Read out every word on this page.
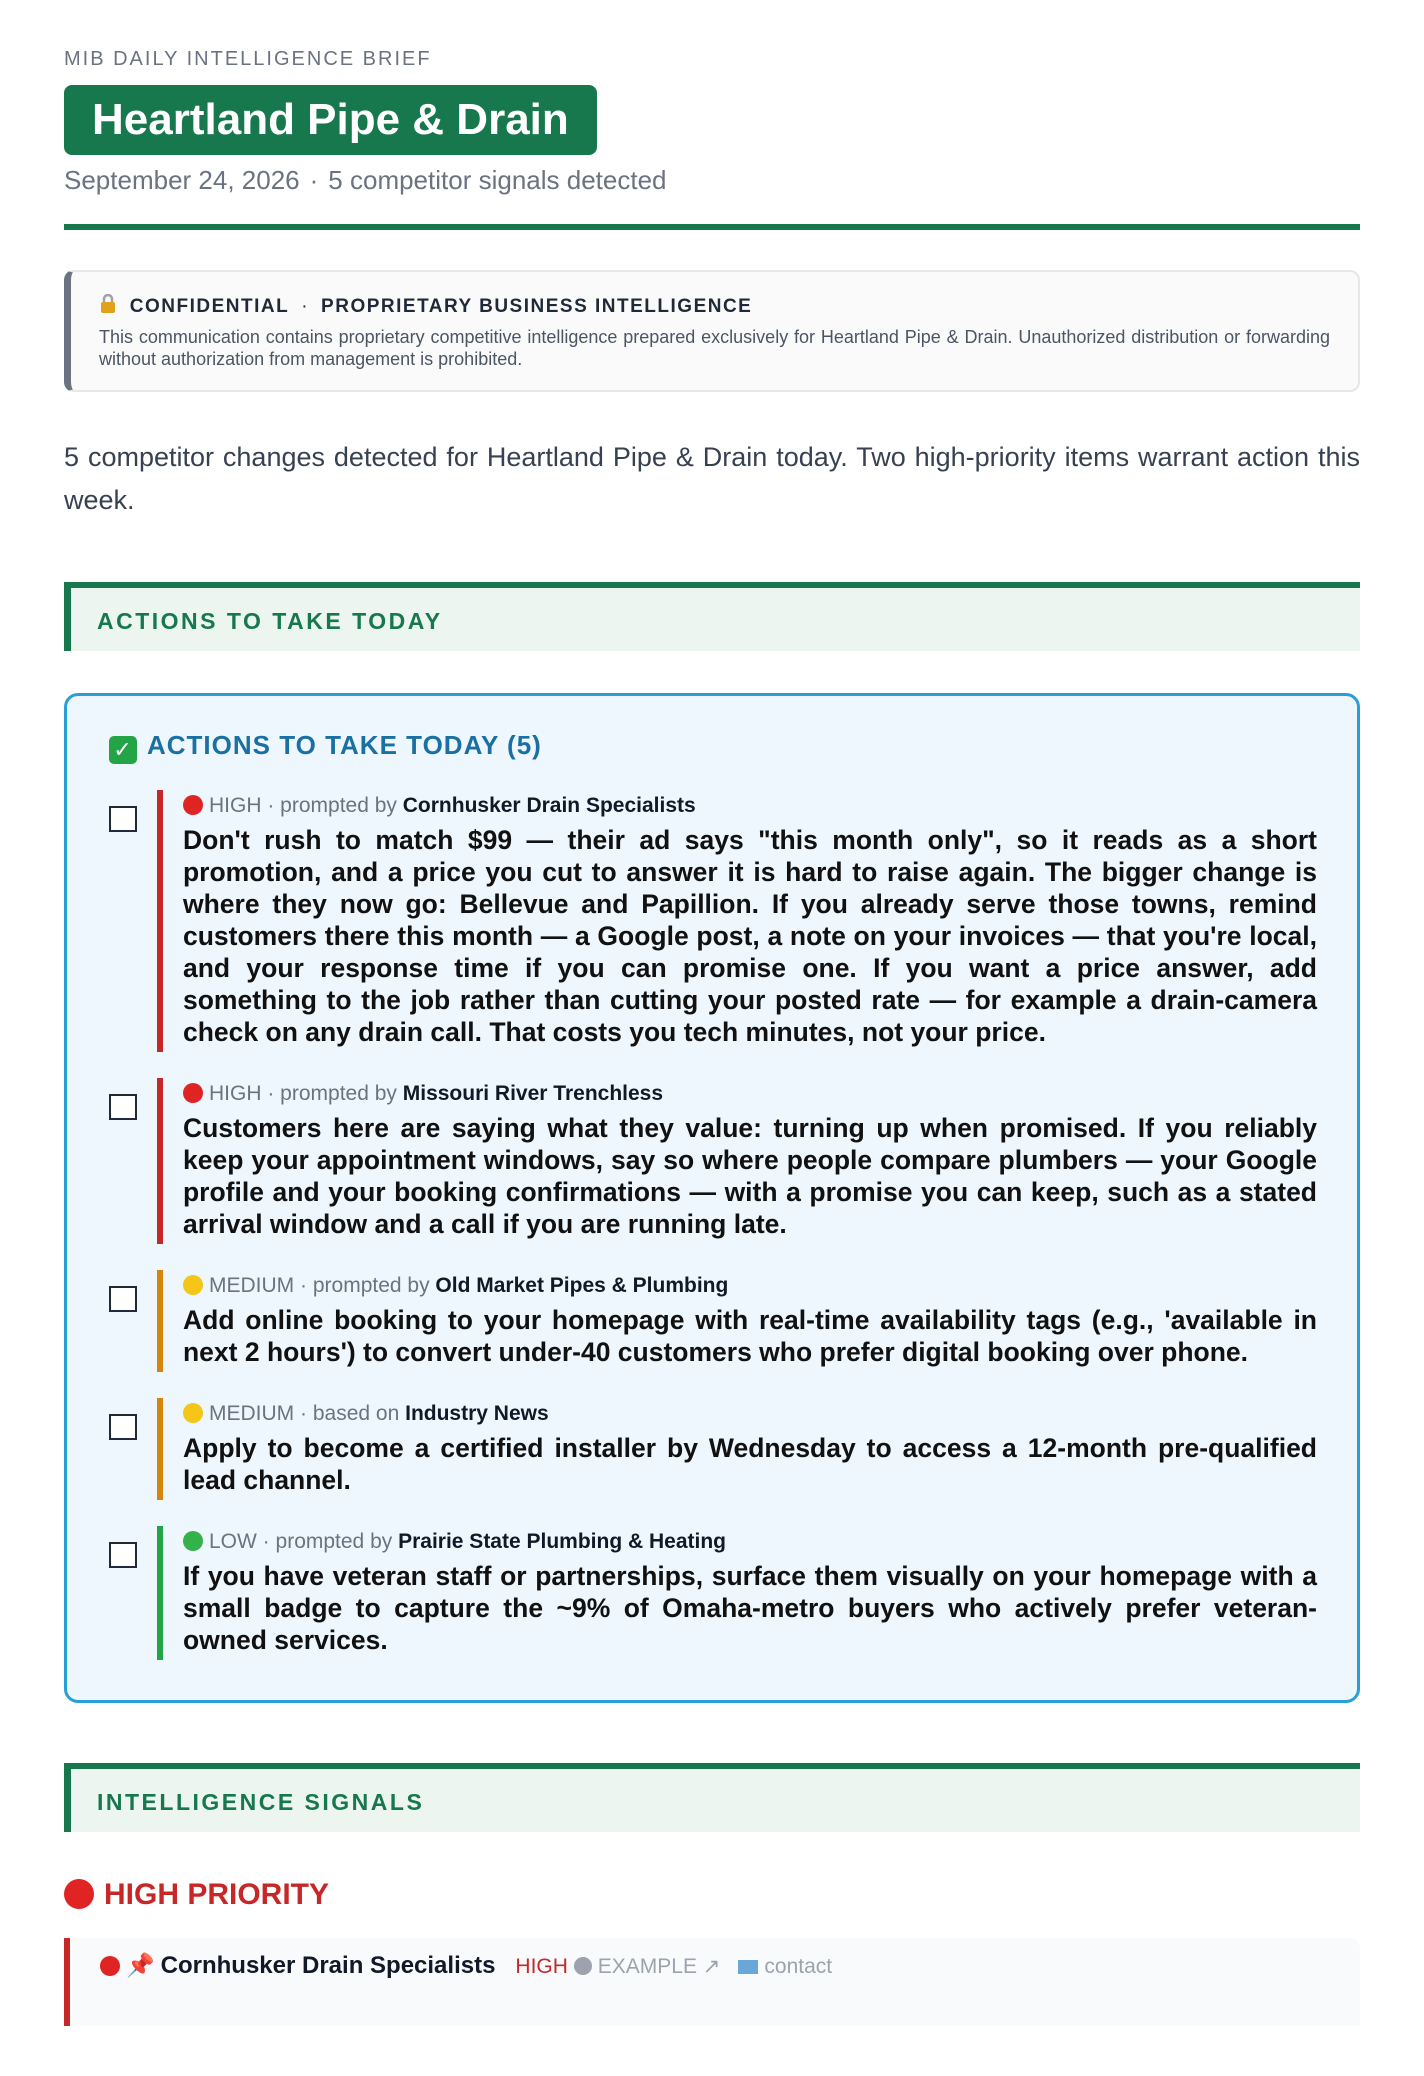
MIB DAILY INTELLIGENCE BRIEF
Heartland Pipe & Drain
September 24, 2026 · 5 competitor signals detected
CONFIDENTIAL · PROPRIETARY BUSINESS INTELLIGENCE
This communication contains proprietary competitive intelligence prepared exclusively for Heartland Pipe & Drain. Unauthorized distribution or forwarding without authorization from management is prohibited.
5 competitor changes detected for Heartland Pipe & Drain today. Two high-priority items warrant action this week.
ACTIONS TO TAKE TODAY
✓ ACTIONS TO TAKE TODAY (5)
HIGH · prompted by Cornhusker Drain Specialists
Don't rush to match $99 — their ad says "this month only", so it reads as a short promotion, and a price you cut to answer it is hard to raise again. The bigger change is where they now go: Bellevue and Papillion. If you already serve those towns, remind customers there this month — a Google post, a note on your invoices — that you're local, and your response time if you can promise one. If you want a price answer, add something to the job rather than cutting your posted rate — for example a drain-camera check on any drain call. That costs you tech minutes, not your price.
HIGH · prompted by Missouri River Trenchless
Customers here are saying what they value: turning up when promised. If you reliably keep your appointment windows, say so where people compare plumbers — your Google profile and your booking confirmations — with a promise you can keep, such as a stated arrival window and a call if you are running late.
MEDIUM · prompted by Old Market Pipes & Plumbing
Add online booking to your homepage with real-time availability tags (e.g., 'available in next 2 hours') to convert under-40 customers who prefer digital booking over phone.
MEDIUM · based on Industry News
Apply to become a certified installer by Wednesday to access a 12-month pre-qualified lead channel.
LOW · prompted by Prairie State Plumbing & Heating
If you have veteran staff or partnerships, surface them visually on your homepage with a small badge to capture the ~9% of Omaha-metro buyers who actively prefer veteran-owned services.
INTELLIGENCE SIGNALS
HIGH PRIORITY
📌 Cornhusker Drain Specialists HIGH EXAMPLE ↗ contact
